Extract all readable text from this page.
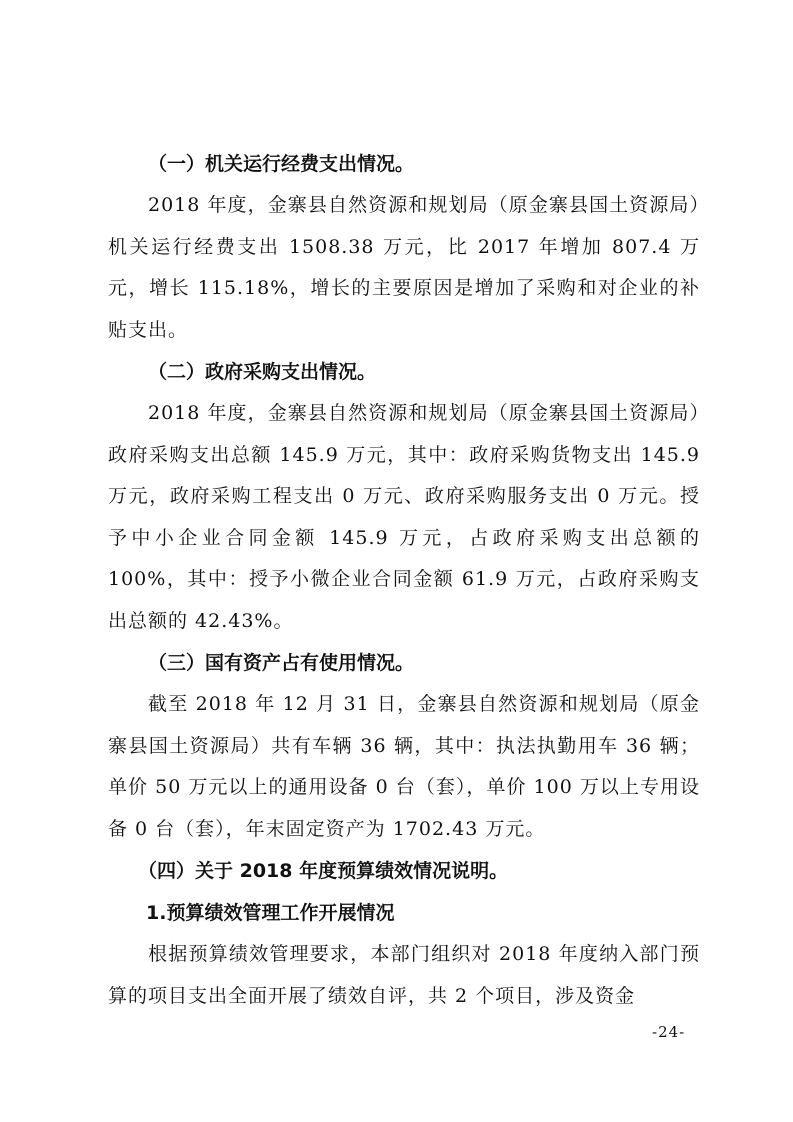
（一）机关运行经费支出情况。

2018 年度，金寨县自然资源和规划局（原金寨县国土资源局）机关运行经费支出 1508.38 万元，比 2017 年增加 807.4 万元，增长 115.18%，增长的主要原因是增加了采购和对企业的补贴支出。

（二）政府采购支出情况。

2018 年度，金寨县自然资源和规划局（原金寨县国土资源局）政府采购支出总额 145.9 万元，其中：政府采购货物支出 145.9 万元，政府采购工程支出 0 万元、政府采购服务支出 0 万元。授予中小企业合同金额 145.9 万元，占政府采购支出总额的 100%，其中：授予小微企业合同金额 61.9 万元，占政府采购支出总额的 42.43%。

（三）国有资产占有使用情况。

截至 2018 年 12 月 31 日，金寨县自然资源和规划局（原金寨县国土资源局）共有车辆 36 辆，其中：执法执勤用车 36 辆；单价 50 万元以上的通用设备 0 台（套），单价 100 万以上专用设备 0 台（套），年末固定资产为 1702.43 万元。

（四）关于 2018 年度预算绩效情况说明。

1.预算绩效管理工作开展情况

根据预算绩效管理要求，本部门组织对 2018 年度纳入部门预算的项目支出全面开展了绩效自评，共 2 个项目，涉及资金

-24-
